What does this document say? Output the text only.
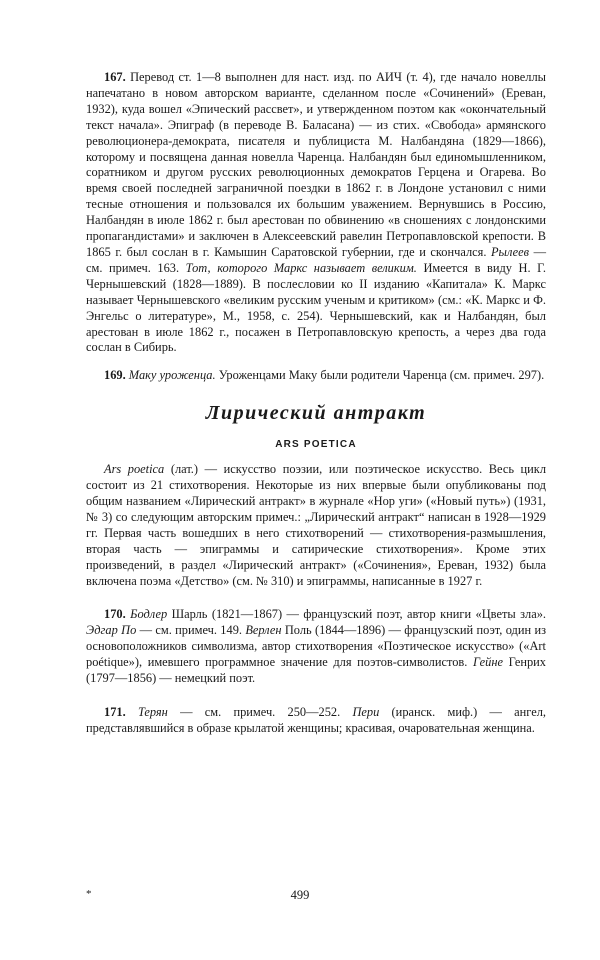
167. Перевод ст. 1—8 выполнен для наст. изд. по АИЧ (т. 4), где начало новеллы напечатано в новом авторском варианте, сделанном после «Сочинений» (Ереван, 1932), куда вошел «Эпический рассвет», и утвержденном поэтом как «окончательный текст начала». Эпиграф (в переводе В. Баласана) — из стих. «Свобода» армянского революционера-демократа, писателя и публициста М. Налбандяна (1829—1866), которому и посвящена данная новелла Чаренца. Налбандян был единомышленником, соратником и другом русских революционных демократов Герцена и Огарева. Во время своей последней заграничной поездки в 1862 г. в Лондоне установил с ними тесные отношения и пользовался их большим уважением. Вернувшись в Россию, Налбандян в июле 1862 г. был арестован по обвинению «в сношениях с лондонскими пропагандистами» и заключен в Алексеевский равелин Петропавловской крепости. В 1865 г. был сослан в г. Камышин Саратовской губернии, где и скончался. Рылеев — см. примеч. 163. Тот, которого Маркс называет великим. Имеется в виду Н. Г. Чернышевский (1828—1889). В послесловии ко II изданию «Капитала» К. Маркс называет Чернышевского «великим русским ученым и критиком» (см.: «К. Маркс и Ф. Энгельс о литературе», М., 1958, с. 254). Чернышевский, как и Налбандян, был арестован в июле 1862 г., посажен в Петропавловскую крепость, а через два года сослан в Сибирь.

169. Маку уроженца. Уроженцами Маку были родители Чаренца (см. примеч. 297).

Лирический антракт
ARS POETICA

Ars poetica (лат.) — искусство поэзии, или поэтическое искусство. Весь цикл состоит из 21 стихотворения. Некоторые из них впервые были опубликованы под общим названием «Лирический антракт» в журнале «Нор уги» («Новый путь») (1931, № 3) со следующим авторским примеч.: „Лирический антракт“ написан в 1928—1929 гг. Первая часть вошедших в него стихотворений — стихотворения-размышления, вторая часть — эпиграммы и сатирические стихотворения». Кроме этих произведений, в раздел «Лирический антракт» («Сочинения», Ереван, 1932) была включена поэма «Детство» (см. № 310) и эпиграммы, написанные в 1927 г.

170. Бодлер Шарль (1821—1867) — французский поэт, автор книги «Цветы зла». Эдгар По — см. примеч. 149. Верлен Поль (1844—1896) — французский поэт, один из основоположников символизма, автор стихотворения «Поэтическое искусство» («Art poétique»), имевшего программное значение для поэтов-символистов. Гейне Генрих (1797—1856) — немецкий поэт.

171. Терян — см. примеч. 250—252. Пери (иранск. миф.) — ангел, представлявшийся в образе крылатой женщины; красивая, очаровательная женщина.

*	499
